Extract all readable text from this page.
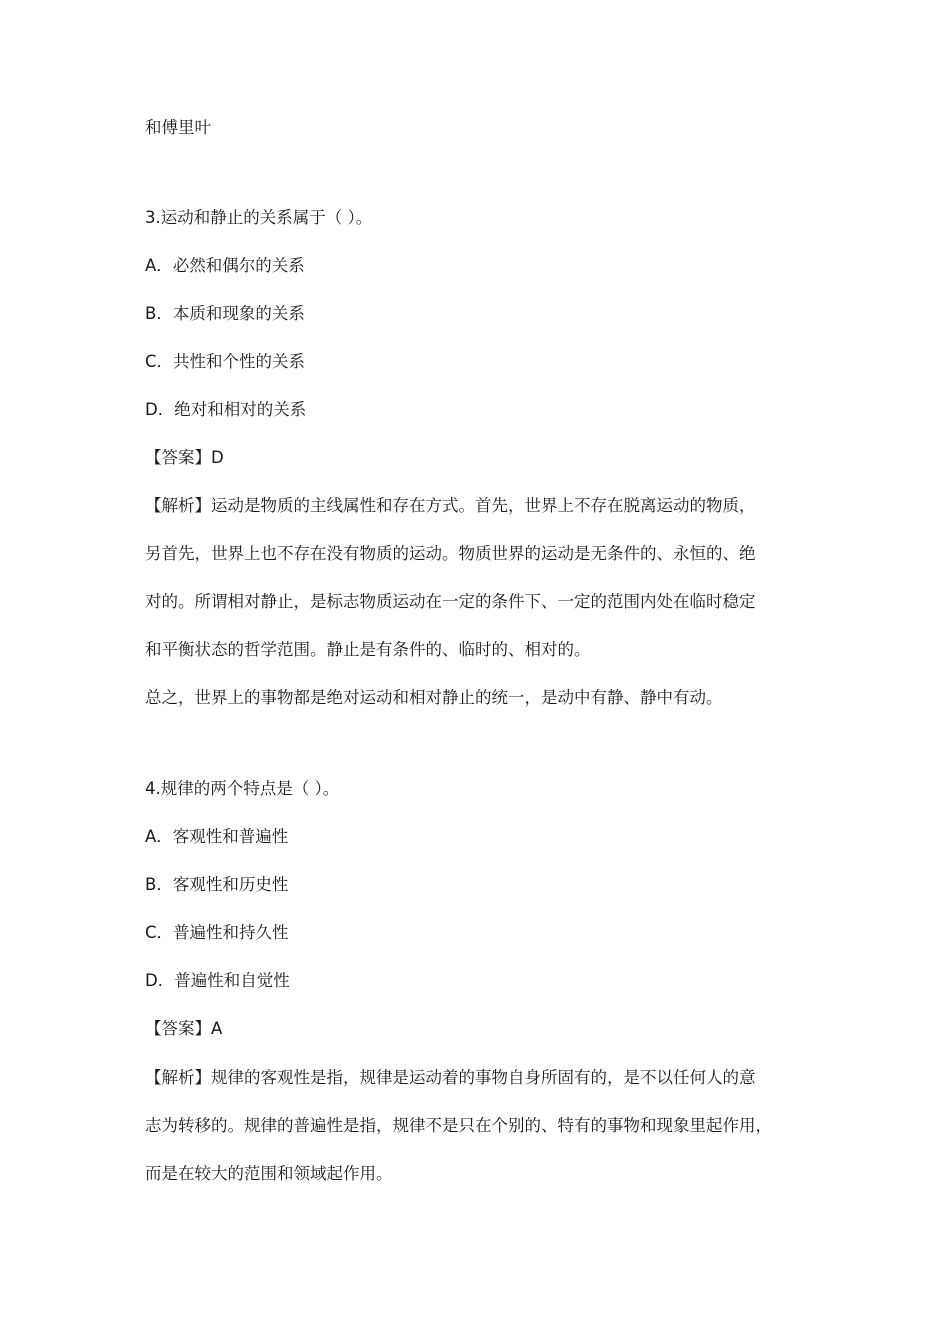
和傅里叶
3.运动和静止的关系属于（ ）。
A．必然和偶尔的关系
B．本质和现象的关系
C．共性和个性的关系
D．绝对和相对的关系
【答案】D
【解析】运动是物质的主线属性和存在方式。首先，世界上不存在脱离运动的物质，
另首先，世界上也不存在没有物质的运动。物质世界的运动是无条件的、永恒的、绝
对的。所谓相对静止，是标志物质运动在一定的条件下、一定的范围内处在临时稳定
和平衡状态的哲学范围。静止是有条件的、临时的、相对的。
总之，世界上的事物都是绝对运动和相对静止的统一，是动中有静、静中有动。
4.规律的两个特点是（ ）。
A．客观性和普遍性
B．客观性和历史性
C．普遍性和持久性
D．普遍性和自觉性
【答案】A
【解析】规律的客观性是指，规律是运动着的事物自身所固有的，是不以任何人的意
志为转移的。规律的普遍性是指，规律不是只在个别的、特有的事物和现象里起作用，
而是在较大的范围和领域起作用。
